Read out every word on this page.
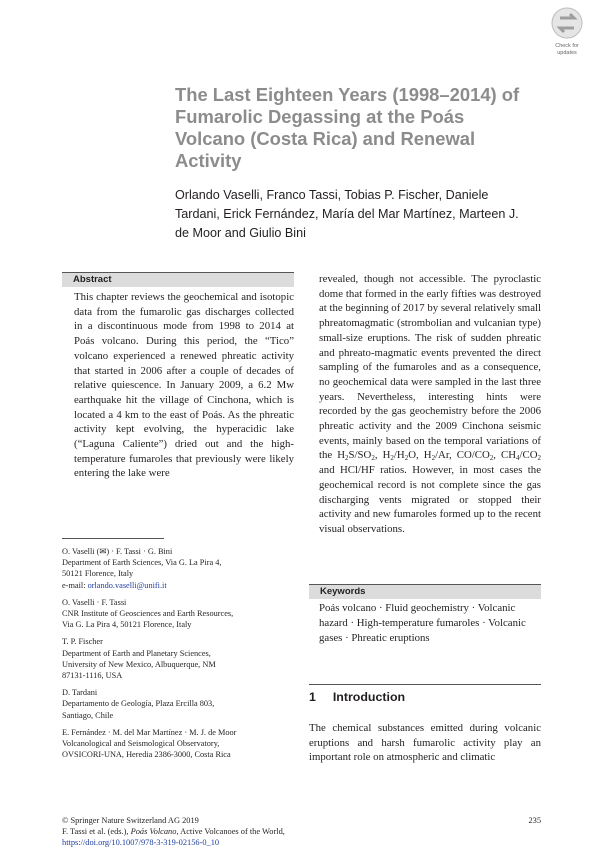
Check for
updates
The Last Eighteen Years (1998–2014) of Fumarolic Degassing at the Poás Volcano (Costa Rica) and Renewal Activity
Orlando Vaselli, Franco Tassi, Tobias P. Fischer, Daniele Tardani, Erick Fernández, María del Mar Martínez, Marteen J. de Moor and Giulio Bini
Abstract
This chapter reviews the geochemical and isotopic data from the fumarolic gas discharges collected in a discontinuous mode from 1998 to 2014 at Poás volcano. During this period, the “Tico” volcano experienced a renewed phreatic activity that started in 2006 after a couple of decades of relative quiescence. In January 2009, a 6.2 Mw earthquake hit the village of Cinchona, which is located a 4 km to the east of Poás. As the phreatic activity kept evolving, the hyperacidic lake (“Laguna Caliente”) dried out and the high-temperature fumaroles that previously were likely entering the lake were
revealed, though not accessible. The pyroclastic dome that formed in the early fifties was destroyed at the beginning of 2017 by several relatively small phreatomagmatic (strombolian and vulcanian type) small-size eruptions. The risk of sudden phreatic and phreato-magmatic events prevented the direct sampling of the fumaroles and as a consequence, no geochemical data were sampled in the last three years. Nevertheless, interesting hints were recorded by the gas geochemistry before the 2006 phreatic activity and the 2009 Cinchona seismic events, mainly based on the temporal variations of the $H_2S/SO_2$, $H_2/H_2O$, $H_2/Ar$, $CO/CO_2$, $CH_4/CO_2$ and HCl/HF ratios. However, in most cases the geochemical record is not complete since the gas discharging vents migrated or stopped their activity and new fumaroles formed up to the recent visual observations.
Keywords
Poás volcano · Fluid geochemistry · Volcanic hazard · High-temperature fumaroles · Volcanic gases · Phreatic eruptions

O. Vaselli (✉) · F. Tassi · G. Bini
Department of Earth Sciences, Via G. La Pira 4,
50121 Florence, Italy
e-mail: orlando.vaselli@unifi.it

O. Vaselli · F. Tassi
CNR Institute of Geosciences and Earth Resources,
Via G. La Pira 4, 50121 Florence, Italy

T. P. Fischer
Department of Earth and Planetary Sciences,
University of New Mexico, Albuquerque, NM
87131-1116, USA

D. Tardani
Departamento de Geología, Plaza Ercilla 803,
Santiago, Chile

E. Fernández · M. del Mar Martínez · M. J. de Moor
Volcanological and Seismological Observatory,
OVSICORI-UNA, Heredia 2386-3000, Costa Rica

1 Introduction
The chemical substances emitted during volcanic eruptions and harsh fumarolic activity play an important role on atmospheric and climatic
© Springer Nature Switzerland AG 2019
F. Tassi et al. (eds.), Poás Volcano, Active Volcanoes of the World,
https://doi.org/10.1007/978-3-319-02156-0_10
235
